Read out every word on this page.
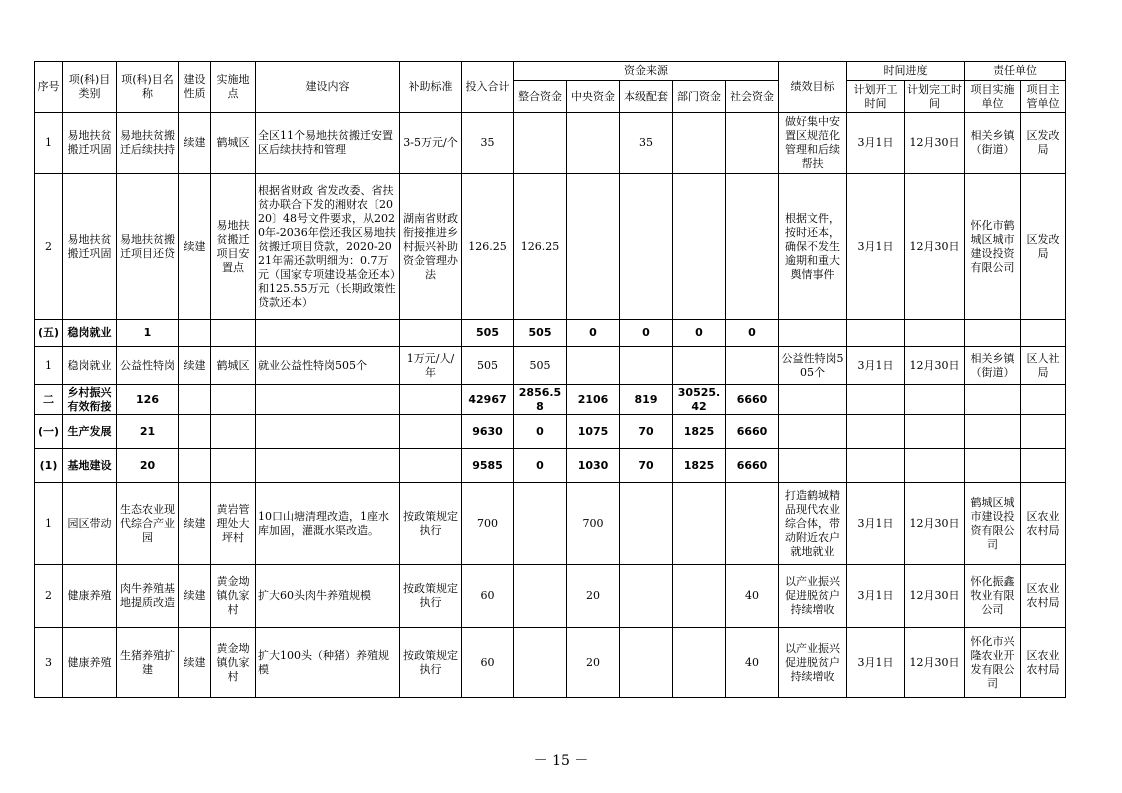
序号	项(科)目类别	项(科)目名称	建设性质	实施地点	建设内容	补助标准	投入合计	资金来源					绩效目标	时间进度		责任单位	
								整合资金	中央资金	本级配套	部门资金	社会资金		计划开工时间	计划完工时间	项目实施单位	项目主管单位
1	易地扶贫搬迁巩固	易地扶贫搬迁后续扶持	续建	鹤城区	全区11个易地扶贫搬迁安置区后续扶持和管理	3-5万元/个	35			35			做好集中安置区规范化管理和后续帮扶	3月1日	12月30日	相关乡镇（街道）	区发改局
2	易地扶贫搬迁巩固	易地扶贫搬迁项目还贷	续建	易地扶贫搬迁项目安置点	根据省财政 省发改委、省扶贫办联合下发的湘财农〔2020〕48号文件要求，从2020年-2036年偿还我区易地扶贫搬迁项目贷款，2020-2021年需还款明细为：0.7万元（国家专项建设基金还本）和125.55万元（长期政策性贷款还本）	湖南省财政衔接推进乡村振兴补助资金管理办法	126.25	126.25					根据文件，按时还本，确保不发生逾期和重大舆情事件	3月1日	12月30日	怀化市鹤城区城市建设投资有限公司	区发改局
(五)	稳岗就业	1					505	505	0	0	0	0					
1	稳岗就业	公益性特岗	续建	鹤城区	就业公益性特岗505个	1万元/人/年	505	505					公益性特岗505个	3月1日	12月30日	相关乡镇（街道）	区人社局
二	乡村振兴有效衔接	126					42967	2856.58	2106	819	30525.42	6660					
(一)	生产发展	21					9630	0	1075	70	1825	6660					
(1)	基地建设	20					9585	0	1030	70	1825	6660					
1	园区带动	生态农业现代综合产业园	续建	黄岩管理处大坪村	10口山塘清理改造，1座水库加固，灌溉水渠改造。	按政策规定执行	700		700				打造鹤城精品现代农业综合体，带动附近农户就地就业	3月1日	12月30日	鹤城区城市建设投资有限公司	区农业农村局
2	健康养殖	肉牛养殖基地提质改造	续建	黄金坳镇仇家村	扩大60头肉牛养殖规模	按政策规定执行	60		20			40	以产业振兴促进脱贫户持续增收	3月1日	12月30日	怀化振鑫牧业有限公司	区农业农村局
3	健康养殖	生猪养殖扩建	续建	黄金坳镇仇家村	扩大100头（种猪）养殖规模	按政策规定执行	60		20			40	以产业振兴促进脱贫户持续增收	3月1日	12月30日	怀化市兴隆农业开发有限公司	区农业农村局
－ 15 －
